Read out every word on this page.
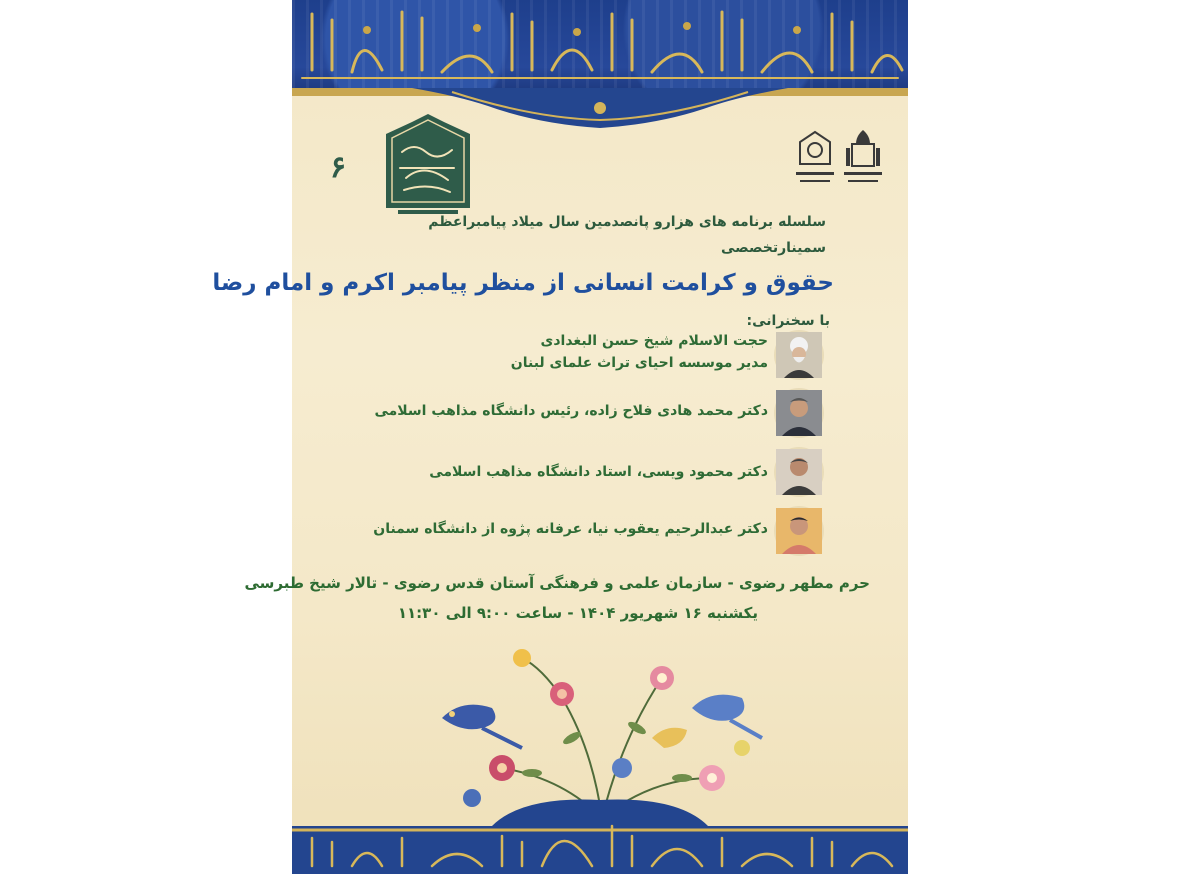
۶
سلسله برنامه های هزارو پانصدمین سال میلاد پیامبراعظم
سمینارتخصصی
حقوق و کرامت انسانی از منظر پیامبر اکرم و امام رضا
با سخنرانی:
حجت الاسلام شیخ حسن البغدادی
مدیر موسسه احیای تراث علمای لبنان
دکتر محمد هادی فلاح زاده، رئیس دانشگاه مذاهب اسلامی
دکتر محمود ویسی، استاد دانشگاه مذاهب اسلامی
دکتر عبدالرحیم یعقوب نیا، عرفانه پژوه از دانشگاه سمنان
حرم مطهر رضوی - سازمان علمی و فرهنگی آستان قدس رضوی - تالار شیخ طبرسی
یکشنبه ۱۶ شهریور ۱۴۰۴ - ساعت ۹:۰۰ الی ۱۱:۳۰
